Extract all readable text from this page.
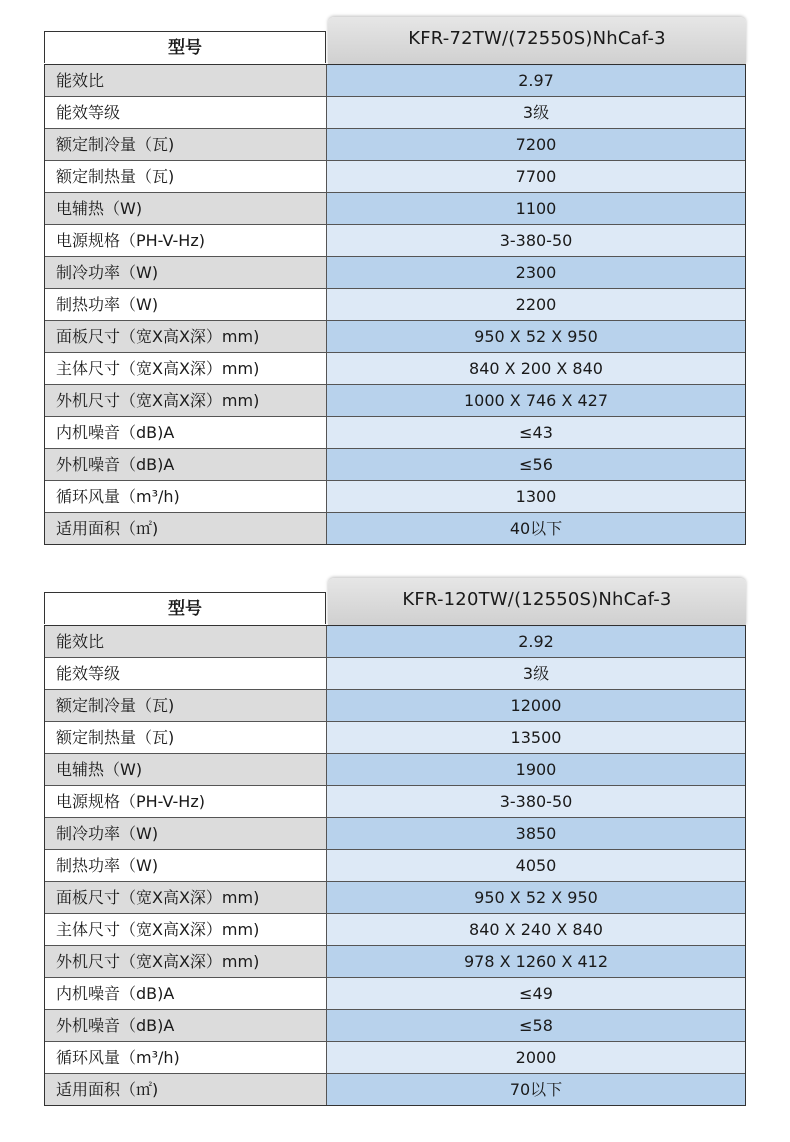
型号	KFR-72TW/(72550S)NhCaf-3
能效比	2.97
能效等级	3级
额定制冷量（瓦)	7200
额定制热量（瓦)	7700
电辅热（W)	1100
电源规格（PH-V-Hz)	3-380-50
制冷功率（W)	2300
制热功率（W)	2200
面板尺寸（宽X高X深）mm)	950 X 52 X 950
主体尺寸（宽X高X深）mm)	840 X 200 X 840
外机尺寸（宽X高X深）mm)	1000 X 746 X 427
内机噪音（dB)A	≤43
外机噪音（dB)A	≤56
循环风量（m³/h)	1300
适用面积（㎡)	40以下
型号	KFR-120TW/(12550S)NhCaf-3
能效比	2.92
能效等级	3级
额定制冷量（瓦)	12000
额定制热量（瓦)	13500
电辅热（W)	1900
电源规格（PH-V-Hz)	3-380-50
制冷功率（W)	3850
制热功率（W)	4050
面板尺寸（宽X高X深）mm)	950 X 52 X 950
主体尺寸（宽X高X深）mm)	840 X 240 X 840
外机尺寸（宽X高X深）mm)	978 X 1260 X 412
内机噪音（dB)A	≤49
外机噪音（dB)A	≤58
循环风量（m³/h)	2000
适用面积（㎡)	70以下
